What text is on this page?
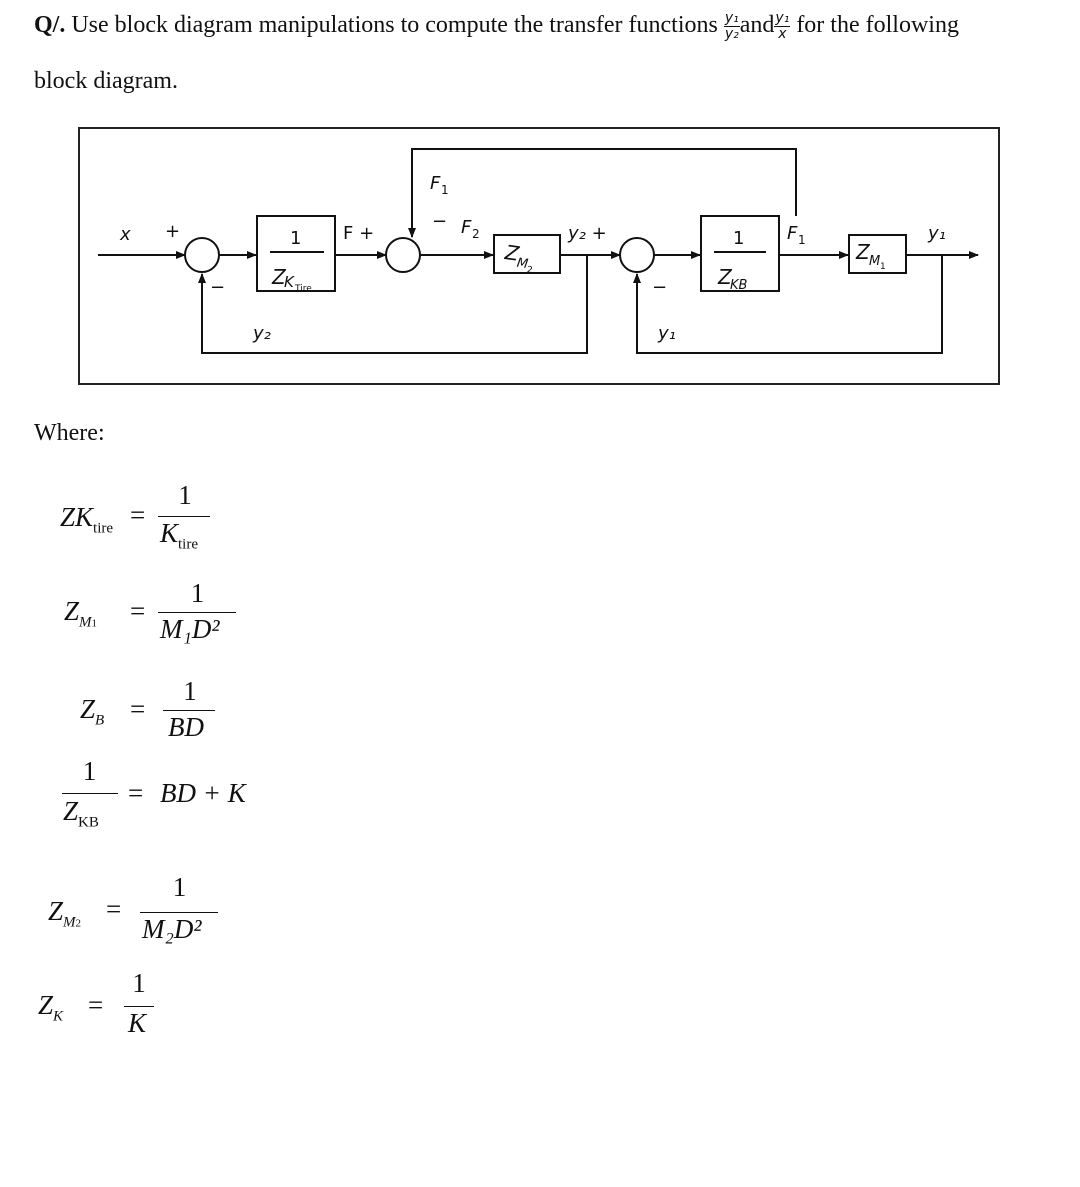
Q/. Use block diagram manipulations to compute the transfer functions $\frac{\text{y₁}}{\text{y₂}}$ and $\frac{\text{y₁}}{x}$ for the following
block diagram.
x +
−
1
Z
K Tire
F +
F 1
− F 2
Z
M
2
y₂ +
−
1
Z
KB
F 1	Z M 1
y₁
y₂	y₁
Where:
$ZK_{tire}$ =
1
$K_{tire}$
$Z_{M1}$ =
1
M₁D²
$Z_B$ =
1
BD
1
$Z_{KB}$
= BD + K
$Z_{M2}$ =
1
M₂D²
$Z_K$ =
1
K
